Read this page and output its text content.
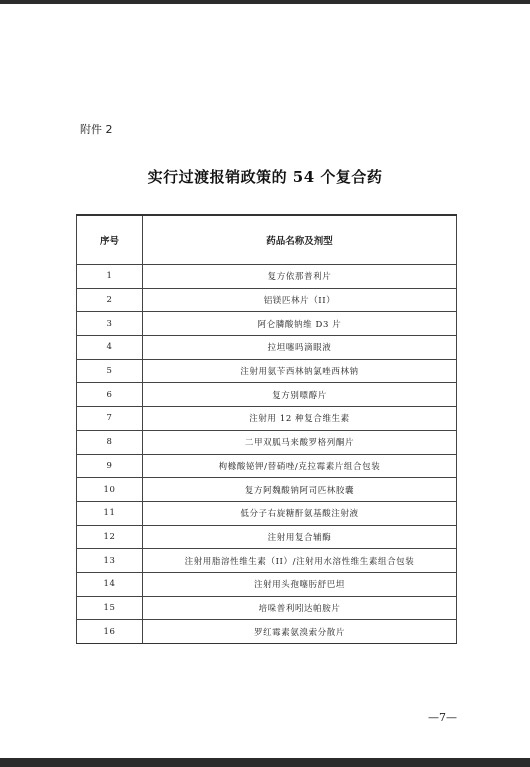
附件 2
实行过渡报销政策的 54 个复合药
序号	药品名称及剂型
1	复方依那普利片
2	铝镁匹林片（II）
3	阿仑膦酸钠维 D3 片
4	拉坦噻吗滴眼液
5	注射用氨苄西林钠氯唑西林钠
6	复方别嘌醇片
7	注射用 12 种复合维生素
8	二甲双胍马来酸罗格列酮片
9	枸橼酸铋钾/替硝唑/克拉霉素片组合包装
10	复方阿魏酸钠阿司匹林胶囊
11	低分子右旋糖酐氨基酸注射液
12	注射用复合辅酶
13	注射用脂溶性维生素（II）/注射用水溶性维生素组合包装
14	注射用头孢噻肟舒巴坦
15	培哚普利吲达帕胺片
16	罗红霉素氨溴索分散片
—7—
